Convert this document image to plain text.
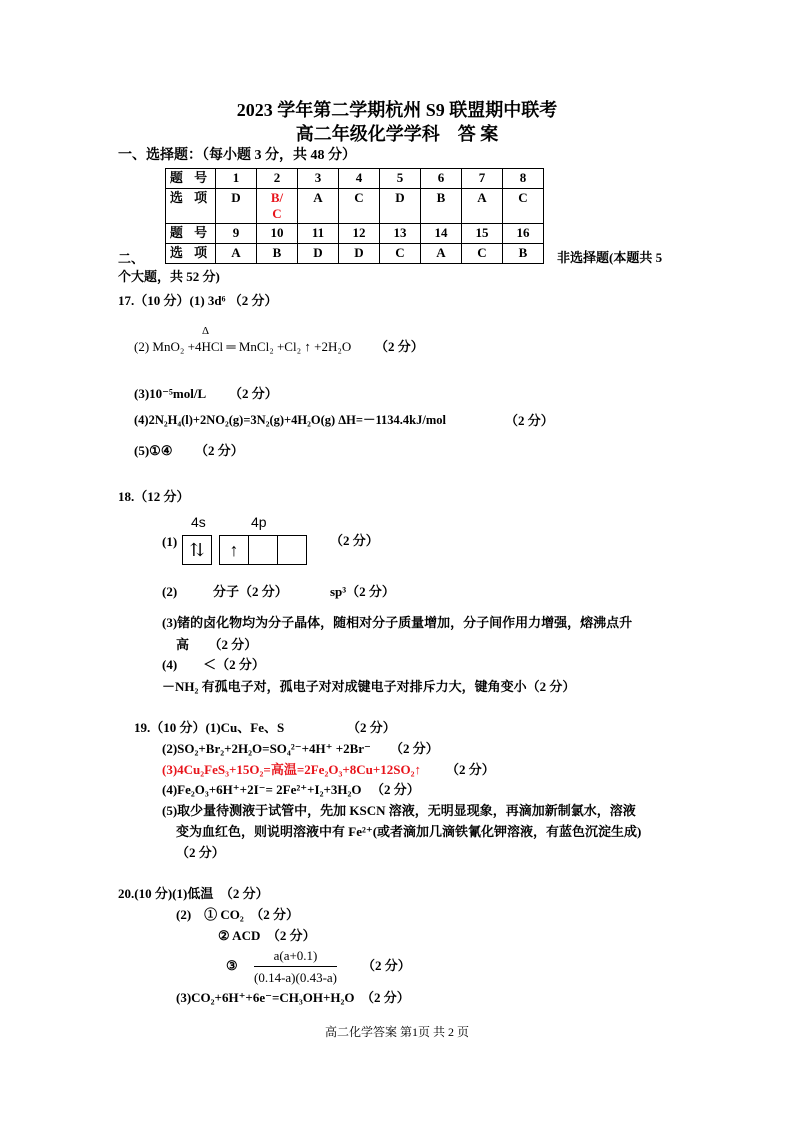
2023 学年第二学期杭州 S9 联盟期中联考
高二年级化学学科　答 案
一、选择题：（每小题 3 分，共 48 分）
题 号	1	2	3	4	5	6	7	8
选 项	D	B/C	A	C	D	B	A	C
题 号	9	10	11	12	13	14	15	16
选 项	A	B	D	D	C	A	C	B
二、	非选择题(本题共 5
个大题，共 52 分)
17.（10 分）(1) 3d⁶ （2 分）
Δ
(2) MnO₂ +4HCl ═ MnCl₂ +Cl₂ ↑ +2H₂O （2 分）
(3)10⁻⁵mol/L （2 分）
(4)2N₂H₄(l)+2NO₂(g)=3N₂(g)+4H₂O(g) ΔH=－1134.4kJ/mol	（2 分）
(5)①④ （2 分）
18.（12 分）
4s	4p
(1) ⇅	↑	（2 分）
(2)	分子（2 分）	sp³（2 分）
(3)锗的卤化物均为分子晶体，随相对分子质量增加，分子间作用力增强，熔沸点升
高　　（2 分）
(4)　　＜（2 分）
－NH₂ 有孤电子对，孤电子对对成键电子对排斥力大，键角变小（2 分）
19.（10 分）(1)Cu、Fe、S	（2 分）
(2)SO₂+Br₂+2H₂O=SO₄²⁻+4H⁺ +2Br⁻ （2 分）
(3)4Cu₂FeS₃+15O₂=高温=2Fe₂O₃+8Cu+12SO₂↑ （2 分）
(4)Fe₂O₃+6H⁺+2I⁻= 2Fe²⁺+I₂+3H₂O （2 分）
(5)取少量待测液于试管中，先加 KSCN 溶液，无明显现象，再滴加新制氯水，溶液
变为血红色，则说明溶液中有 Fe²⁺(或者滴加几滴铁氰化钾溶液，有蓝色沉淀生成)
（2 分）
20.(10 分)(1)低温　（2 分）
(2)　① CO₂　（2 分）
② ACD　（2 分）
③ $\frac{a(a+0.1)}{(0.14-a)(0.43-a)} (2$ 分）
(3)CO₂+6H⁺+6e⁻=CH₃OH+H₂O　（2 分）
高二化学答案 第1页 共 2 页
